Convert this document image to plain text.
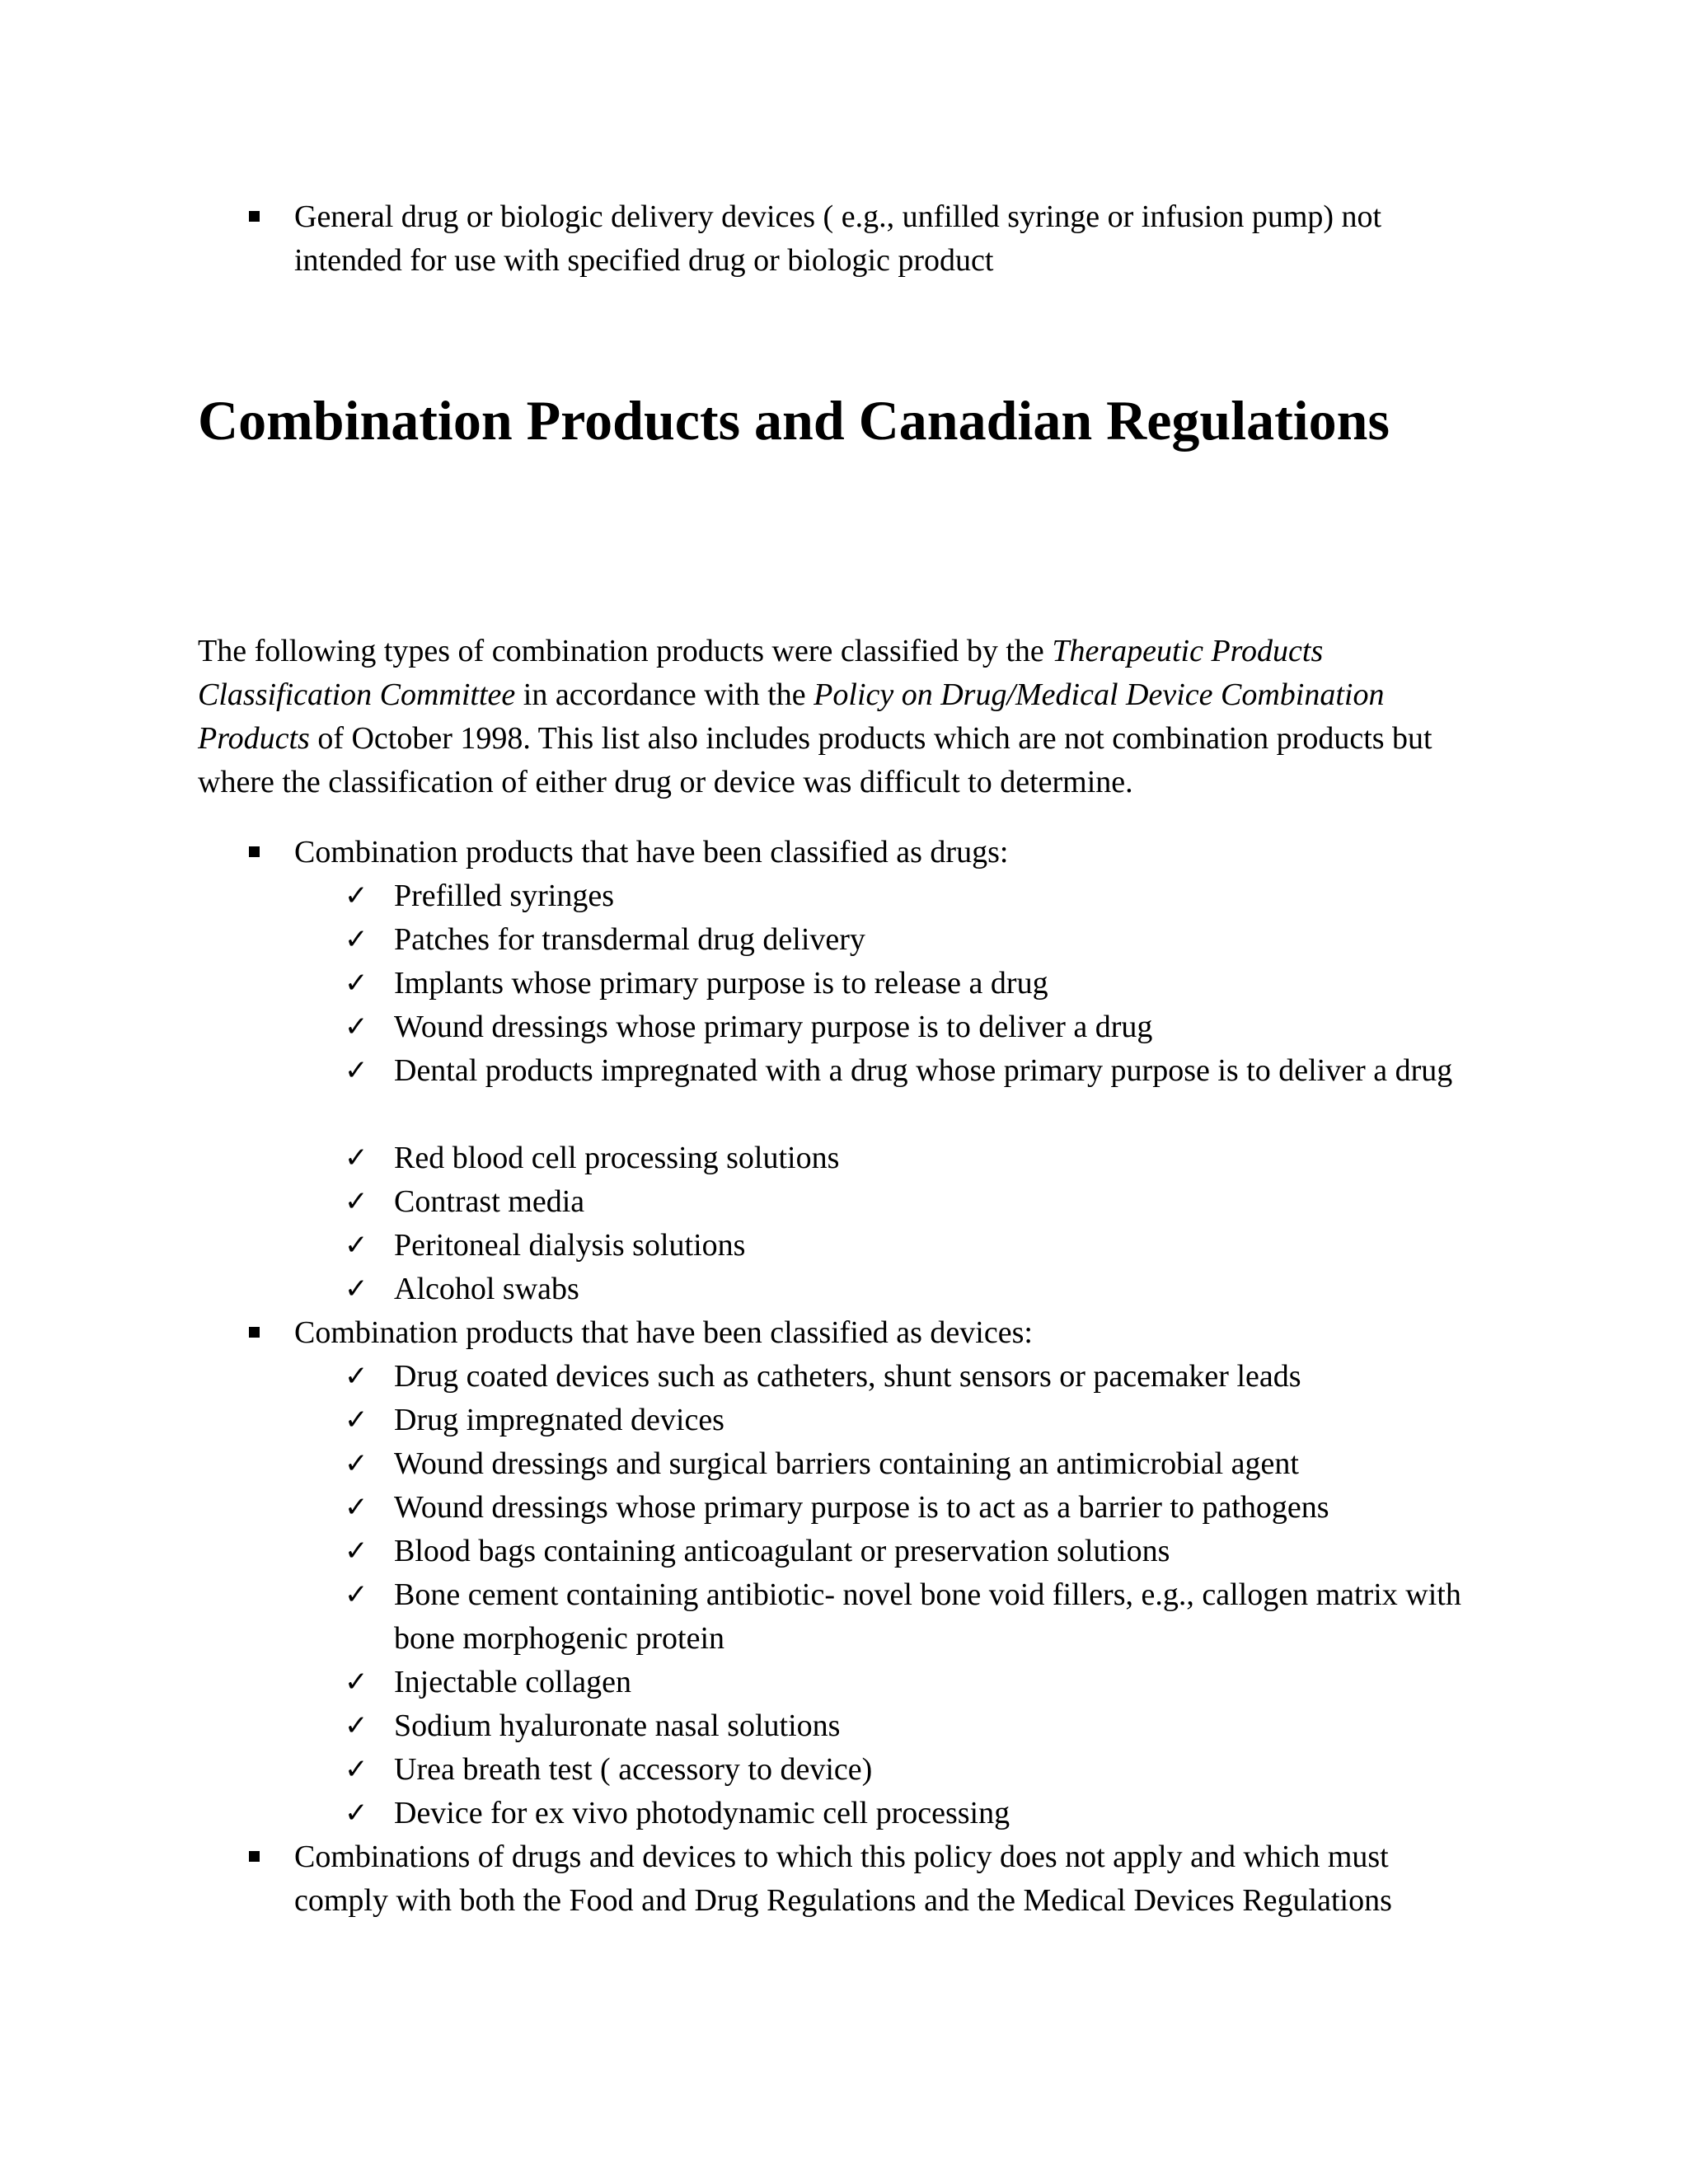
General drug or biologic delivery devices ( e.g., unfilled syringe or infusion pump) not intended for use with specified drug or biologic product
Combination Products and Canadian Regulations
The following types of combination products were classified by the Therapeutic Products Classification Committee in accordance with the Policy on Drug/Medical Device Combination Products of October 1998. This list also includes products which are not combination products but where the classification of either drug or device was difficult to determine.
Combination products that have been classified as drugs:
✓ Prefilled syringes
✓ Patches for transdermal drug delivery
✓ Implants whose primary purpose is to release a drug
✓ Wound dressings whose primary purpose is to deliver a drug
✓ Dental products impregnated with a drug whose primary purpose is to deliver a drug
✓ Red blood cell processing solutions
✓ Contrast media
✓ Peritoneal dialysis solutions
✓ Alcohol swabs
Combination products that have been classified as devices:
✓ Drug coated devices such as catheters, shunt sensors or pacemaker leads
✓ Drug impregnated devices
✓ Wound dressings and surgical barriers containing an antimicrobial agent
✓ Wound dressings whose primary purpose is to act as a barrier to pathogens
✓ Blood bags containing anticoagulant or preservation solutions
✓ Bone cement containing antibiotic- novel bone void fillers, e.g., callogen matrix with bone morphogenic protein
✓ Injectable collagen
✓ Sodium hyaluronate nasal solutions
✓ Urea breath test ( accessory to device)
✓ Device for ex vivo photodynamic cell processing
Combinations of drugs and devices to which this policy does not apply and which must comply with both the Food and Drug Regulations and the Medical Devices Regulations
